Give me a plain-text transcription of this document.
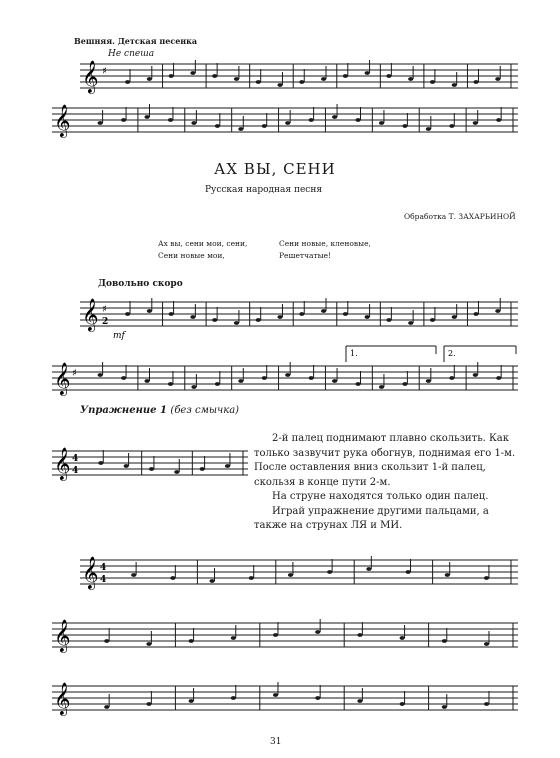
Вешняя. Детская песенка
Не спеша
𝄞 ♯
𝄞
АХ ВЫ, СЕНИ
Русская народная песня
Обработка Т. ЗАХАРЬИНОЙ
Ах вы, сени мои, сени,
Сени новые мои,
Сени новые, кленовые,
Решетчатые!
Довольно скоро
𝄞 ♯
2
mf
𝄞 ♯
1.	2.
Упражнение 1 (без смычка)
𝄞 4
4

2-й палец поднимают плавно скользить. Как только зазвучит рука обогнув, поднимая его 1-м. После оставления вниз скользит 1-й палец, скользя в конце пути 2-м.

На струне находятся только один палец.

Играй упражнение другими пальцами, а также на струнах ЛЯ и МИ.

𝄞 4
4
𝄞
𝄞
31
